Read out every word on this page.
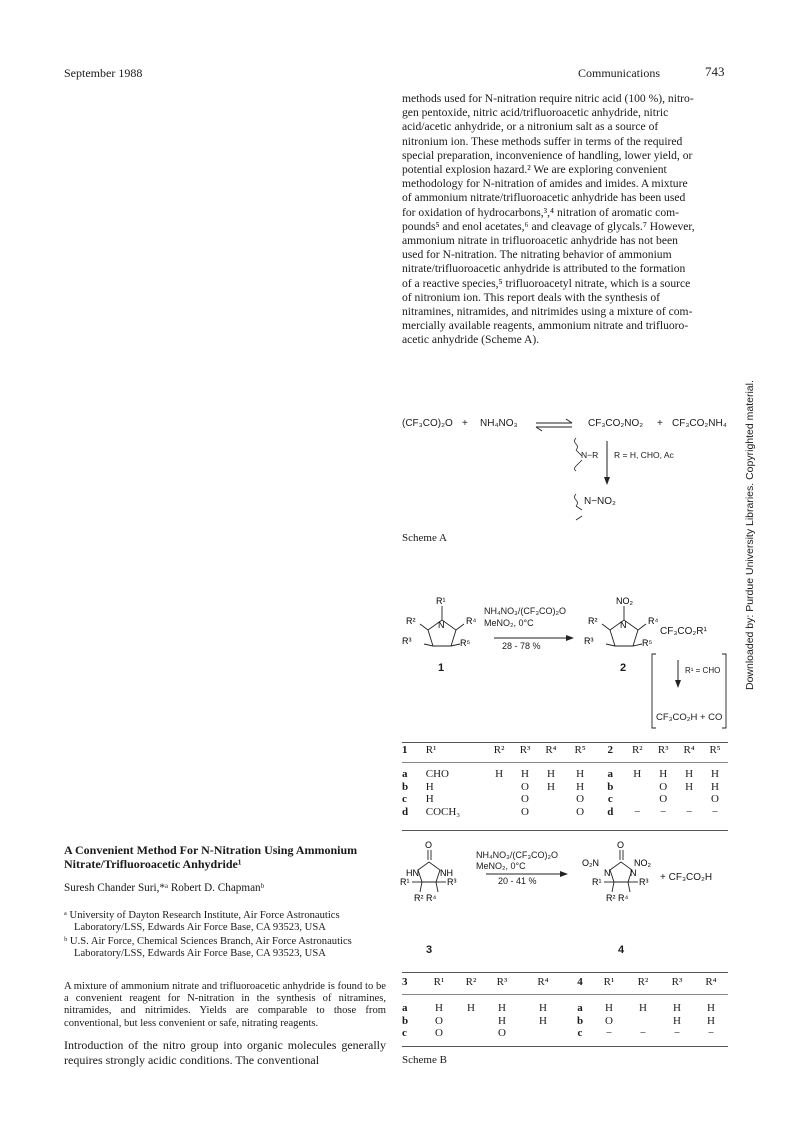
September 1988	Communications	743
Downloaded by: Purdue University Libraries. Copyrighted material.
methods used for N-nitration require nitric acid (100 %), nitro-
gen pentoxide, nitric acid/trifluoroacetic anhydride, nitric
acid/acetic anhydride, or a nitronium salt as a source of
nitronium ion. These methods suffer in terms of the required
special preparation, inconvenience of handling, lower yield, or
potential explosion hazard.² We are exploring convenient
methodology for N-nitration of amides and imides. A mixture
of ammonium nitrate/trifluoroacetic anhydride has been used
for oxidation of hydrocarbons,³,⁴ nitration of aromatic com-
pounds⁵ and enol acetates,⁶ and cleavage of glycals.⁷ However,
ammonium nitrate in trifluoroacetic anhydride has not been
used for N-nitration. The nitrating behavior of ammonium
nitrate/trifluoroacetic anhydride is attributed to the formation
of a reactive species,⁵ trifluoroacetyl nitrate, which is a source
of nitronium ion. This report deals with the synthesis of
nitramines, nitramides, and nitrimides using a mixture of com-
mercially available reagents, ammonium nitrate and trifluoro-
acetic anhydride (Scheme A).
(CF₃CO)₂O + NH₄NO₃ ⇌ CF₃CO₂NO₂ + CF₃CO₂NH₄
N−R R = H, CHO, Ac
N−NO₂
Scheme A
R¹
R²	R⁴
R³	R⁵
N
NO₂
R²	R⁴
R³	R⁵
N
NH₄NO₃/(CF₃CO)₂O
MeNO₂, 0°C
28 - 78 %
1	2
CF₃CO₂R¹
R¹ = CHO
CF₃CO₂H + CO
1	R¹	R²	R³	R⁴	R⁵	2	R²	R³	R⁴	R⁵
a	CHO	H	H	H	H	a	H	H	H	H
b	H		O	H	H	b		O	H	H
c	H		O		O	c		O		O
d	COCH₃		O		O	d	−	−	−	−
A Convenient Method For N-Nitration Using Ammonium Nitrate/Trifluoroacetic Anhydride¹
Suresh Chander Suri,*ᵃ Robert D. Chapmanᵇ
ᵃ University of Dayton Research Institute, Air Force Astronautics Laboratory/LSS, Edwards Air Force Base, CA 93523, USA
ᵇ U.S. Air Force, Chemical Sciences Branch, Air Force Astronautics Laboratory/LSS, Edwards Air Force Base, CA 93523, USA
A mixture of ammonium nitrate and trifluoroacetic anhydride is found to be a convenient reagent for N-nitration in the synthesis of nitramines, nitramides, and nitrimides. Yields are comparable to those from conventional, but less convenient or safe, nitrating reagents.
Introduction of the nitro group into organic molecules generally requires strongly acidic conditions. The conventional
O
HN NH
R¹	R³
R² R⁴
O
O₂N	NO₂
N N
R¹	R³
R² R⁴
NH₄NO₃/(CF₃CO)₂O
MeNO₂, 0°C
20 - 41 %	+ CF₃CO₂H
3	4
3	R¹	R²	R³	R⁴	4	R¹	R²	R³	R⁴
a	H	H	H	H	a	H	H	H	H
b	O		H	H	b	O		H	H
c	O		O		c	−	−	−	−
Scheme B
